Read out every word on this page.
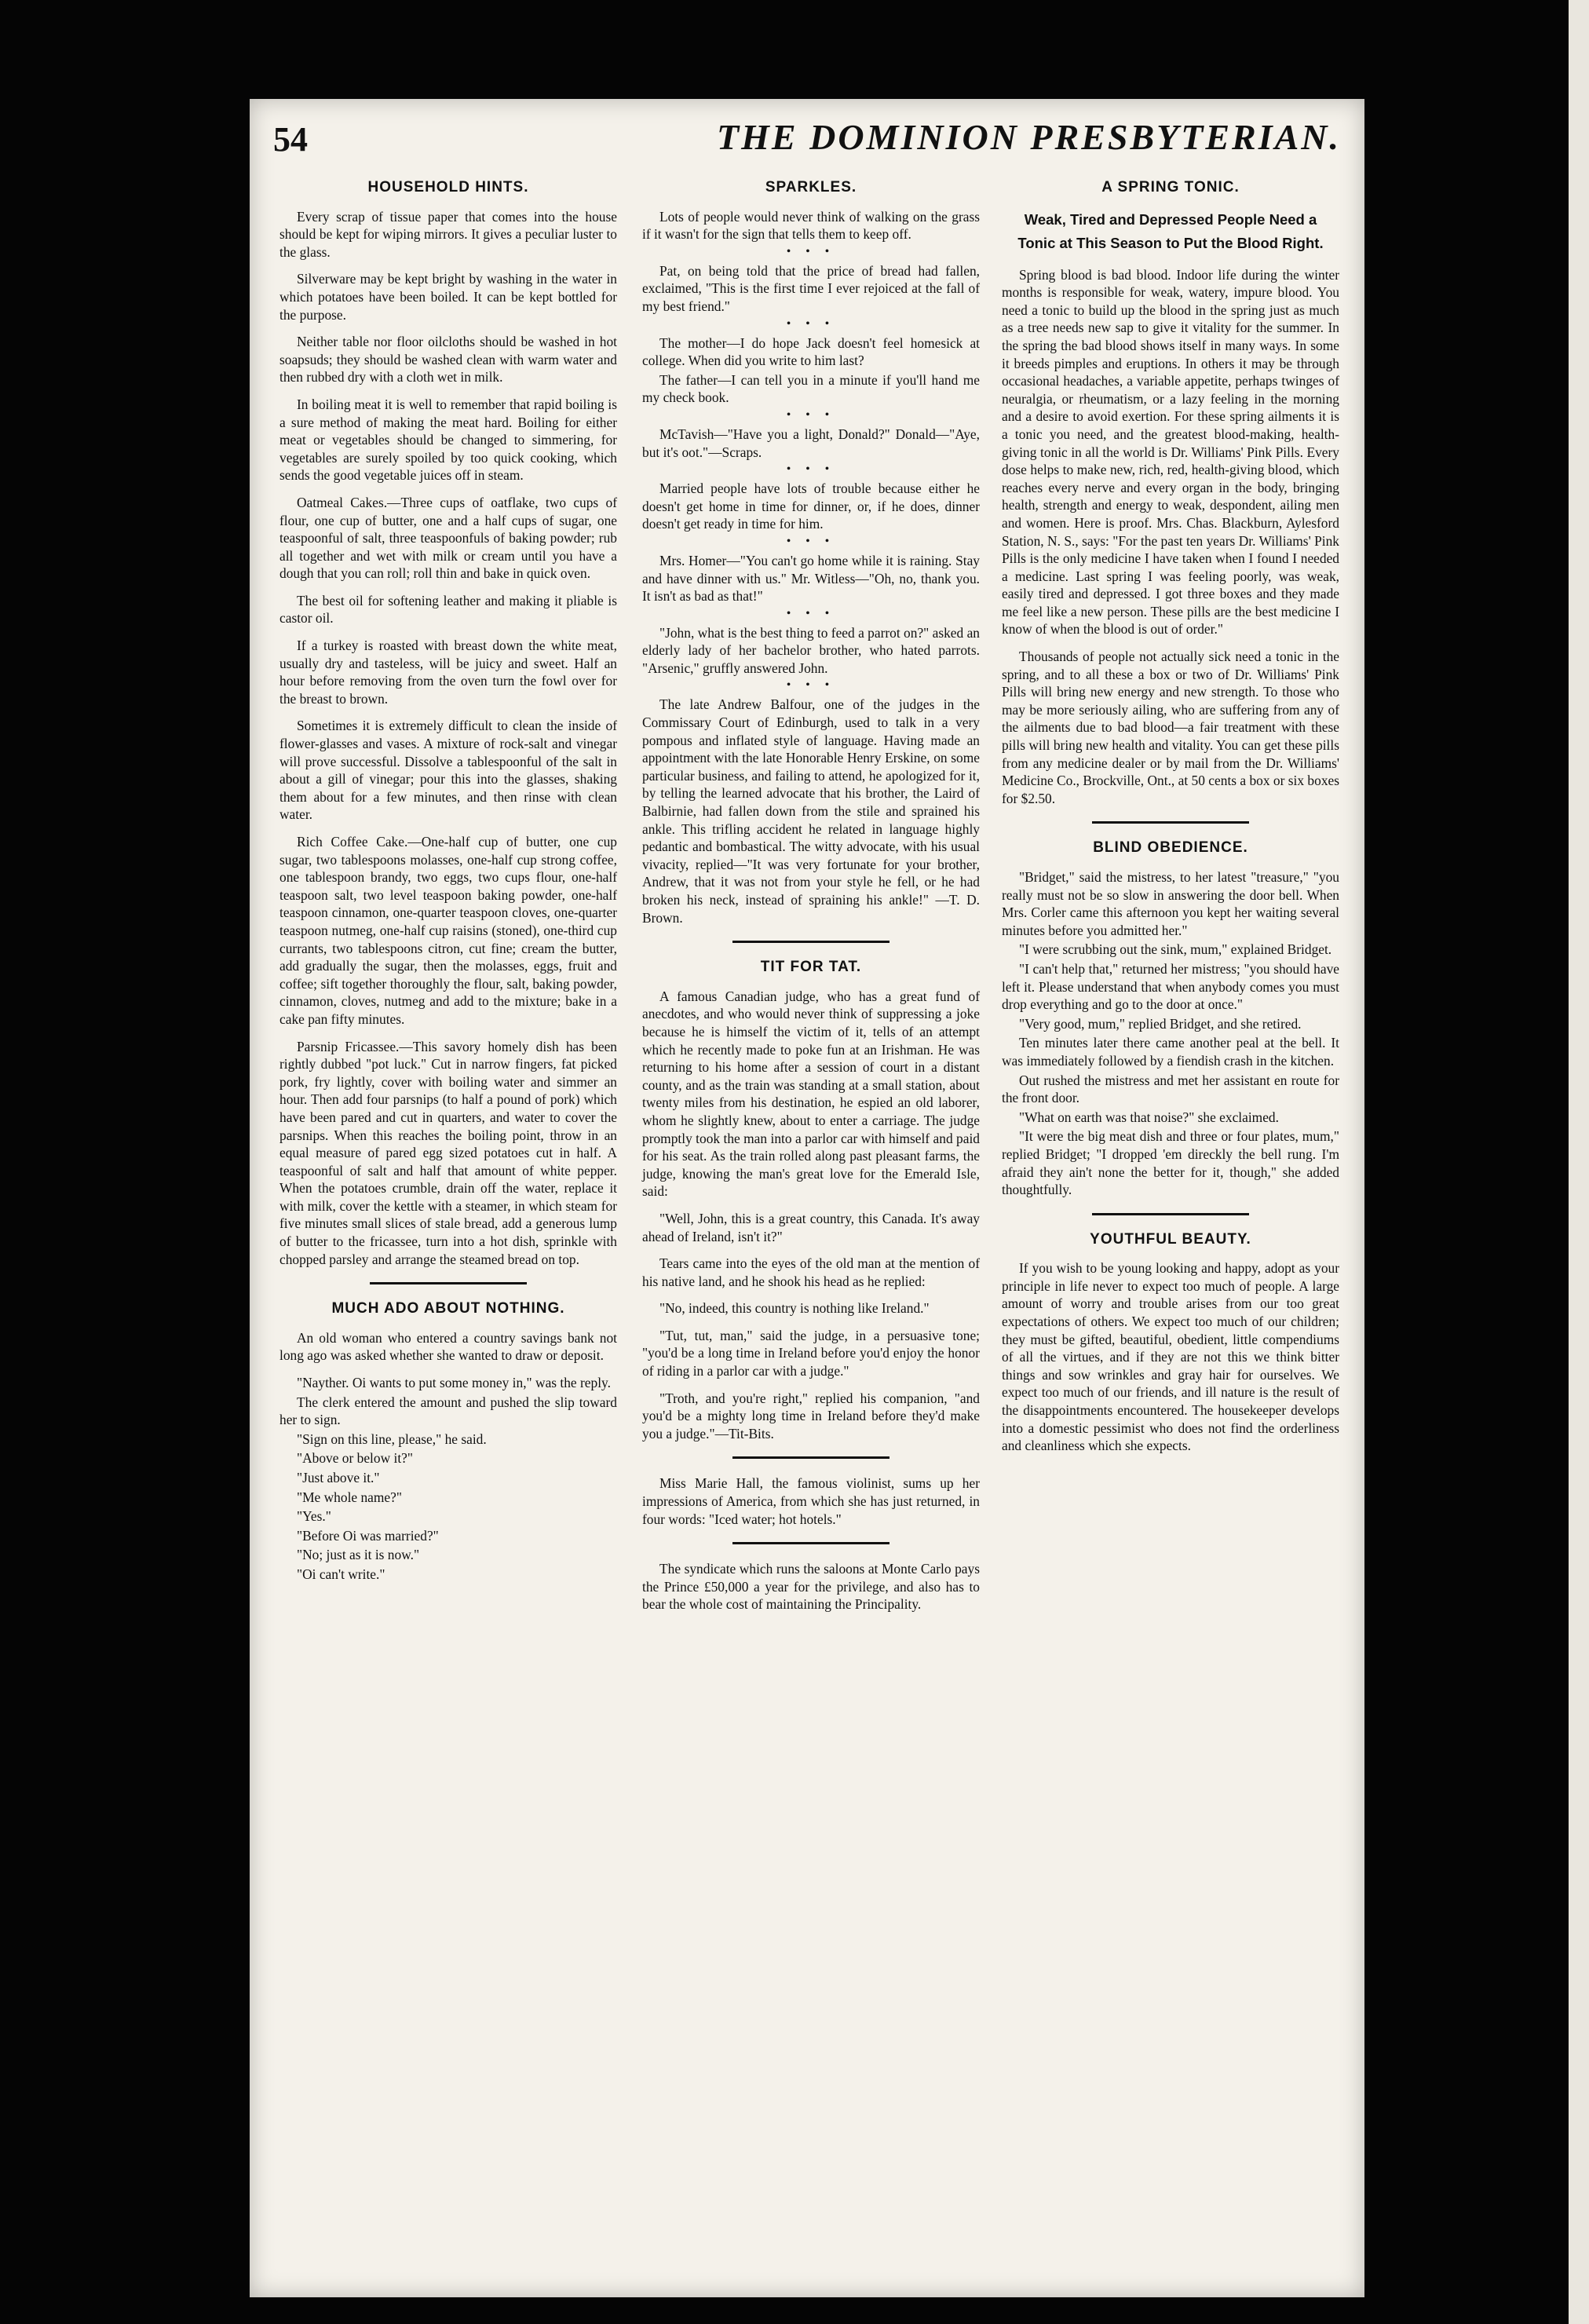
54	THE DOMINION PRESBYTERIAN.
HOUSEHOLD HINTS.

Every scrap of tissue paper that comes into the house should be kept for wiping mirrors. It gives a peculiar luster to the glass.

Silverware may be kept bright by washing in the water in which potatoes have been boiled. It can be kept bottled for the purpose.

Neither table nor floor oilcloths should be washed in hot soapsuds; they should be washed clean with warm water and then rubbed dry with a cloth wet in milk.

In boiling meat it is well to remember that rapid boiling is a sure method of making the meat hard. Boiling for either meat or vegetables should be changed to simmering, for vegetables are surely spoiled by too quick cooking, which sends the good vegetable juices off in steam.

Oatmeal Cakes.—Three cups of oatflake, two cups of flour, one cup of butter, one and a half cups of sugar, one teaspoonful of salt, three teaspoonfuls of baking powder; rub all together and wet with milk or cream until you have a dough that you can roll; roll thin and bake in quick oven.

The best oil for softening leather and making it pliable is castor oil.

If a turkey is roasted with breast down the white meat, usually dry and tasteless, will be juicy and sweet. Half an hour before removing from the oven turn the fowl over for the breast to brown.

Sometimes it is extremely difficult to clean the inside of flower-glasses and vases. A mixture of rock-salt and vinegar will prove successful. Dissolve a tablespoonful of the salt in about a gill of vinegar; pour this into the glasses, shaking them about for a few minutes, and then rinse with clean water.

Rich Coffee Cake.—One-half cup of butter, one cup sugar, two tablespoons molasses, one-half cup strong coffee, one tablespoon brandy, two eggs, two cups flour, one-half teaspoon salt, two level teaspoon baking powder, one-half teaspoon cinnamon, one-quarter teaspoon cloves, one-quarter teaspoon nutmeg, one-half cup raisins (stoned), one-third cup currants, two tablespoons citron, cut fine; cream the butter, add gradually the sugar, then the molasses, eggs, fruit and coffee; sift together thoroughly the flour, salt, baking powder, cinnamon, cloves, nutmeg and add to the mixture; bake in a cake pan fifty minutes.

Parsnip Fricassee.—This savory homely dish has been rightly dubbed "pot luck." Cut in narrow fingers, fat picked pork, fry lightly, cover with boiling water and simmer an hour. Then add four parsnips (to half a pound of pork) which have been pared and cut in quarters, and water to cover the parsnips. When this reaches the boiling point, throw in an equal measure of pared egg sized potatoes cut in half. A teaspoonful of salt and half that amount of white pepper. When the potatoes crumble, drain off the water, replace it with milk, cover the kettle with a steamer, in which steam for five minutes small slices of stale bread, add a generous lump of butter to the fricassee, turn into a hot dish, sprinkle with chopped parsley and arrange the steamed bread on top.

MUCH ADO ABOUT NOTHING.

An old woman who entered a country savings bank not long ago was asked whether she wanted to draw or deposit.

"Nayther. Oi wants to put some money in," was the reply.

The clerk entered the amount and pushed the slip toward her to sign.

"Sign on this line, please," he said.

"Above or below it?"

"Just above it."

"Me whole name?"

"Yes."

"Before Oi was married?"

"No; just as it is now."

"Oi can't write."

SPARKLES.

Lots of people would never think of walking on the grass if it wasn't for the sign that tells them to keep off.

• • •

Pat, on being told that the price of bread had fallen, exclaimed, "This is the first time I ever rejoiced at the fall of my best friend."

• • •

The mother—I do hope Jack doesn't feel homesick at college. When did you write to him last?

The father—I can tell you in a minute if you'll hand me my check book.

• • •

McTavish—"Have you a light, Donald?" Donald—"Aye, but it's oot."—Scraps.

• • •

Married people have lots of trouble because either he doesn't get home in time for dinner, or, if he does, dinner doesn't get ready in time for him.

• • •

Mrs. Homer—"You can't go home while it is raining. Stay and have dinner with us." Mr. Witless—"Oh, no, thank you. It isn't as bad as that!"

• • •

"John, what is the best thing to feed a parrot on?" asked an elderly lady of her bachelor brother, who hated parrots. "Arsenic," gruffly answered John.

• • •

The late Andrew Balfour, one of the judges in the Commissary Court of Edinburgh, used to talk in a very pompous and inflated style of language. Having made an appointment with the late Honorable Henry Erskine, on some particular business, and failing to attend, he apologized for it, by telling the learned advocate that his brother, the Laird of Balbirnie, had fallen down from the stile and sprained his ankle. This trifling accident he related in language highly pedantic and bombastical. The witty advocate, with his usual vivacity, replied—"It was very fortunate for your brother, Andrew, that it was not from your style he fell, or he had broken his neck, instead of spraining his ankle!" —T. D. Brown.

TIT FOR TAT.

A famous Canadian judge, who has a great fund of anecdotes, and who would never think of suppressing a joke because he is himself the victim of it, tells of an attempt which he recently made to poke fun at an Irishman. He was returning to his home after a session of court in a distant county, and as the train was standing at a small station, about twenty miles from his destination, he espied an old laborer, whom he slightly knew, about to enter a carriage. The judge promptly took the man into a parlor car with himself and paid for his seat. As the train rolled along past pleasant farms, the judge, knowing the man's great love for the Emerald Isle, said:

"Well, John, this is a great country, this Canada. It's away ahead of Ireland, isn't it?"

Tears came into the eyes of the old man at the mention of his native land, and he shook his head as he replied:

"No, indeed, this country is nothing like Ireland."

"Tut, tut, man," said the judge, in a persuasive tone; "you'd be a long time in Ireland before you'd enjoy the honor of riding in a parlor car with a judge."

"Troth, and you're right," replied his companion, "and you'd be a mighty long time in Ireland before they'd make you a judge."—Tit-Bits.

Miss Marie Hall, the famous violinist, sums up her impressions of America, from which she has just returned, in four words: "Iced water; hot hotels."

The syndicate which runs the saloons at Monte Carlo pays the Prince £50,000 a year for the privilege, and also has to bear the whole cost of maintaining the Principality.

A SPRING TONIC.
Weak, Tired and Depressed People Need a Tonic at This Season to Put the Blood Right.

Spring blood is bad blood. Indoor life during the winter months is responsible for weak, watery, impure blood. You need a tonic to build up the blood in the spring just as much as a tree needs new sap to give it vitality for the summer. In the spring the bad blood shows itself in many ways. In some it breeds pimples and eruptions. In others it may be through occasional headaches, a variable appetite, perhaps twinges of neuralgia, or rheumatism, or a lazy feeling in the morning and a desire to avoid exertion. For these spring ailments it is a tonic you need, and the greatest blood-making, health-giving tonic in all the world is Dr. Williams' Pink Pills. Every dose helps to make new, rich, red, health-giving blood, which reaches every nerve and every organ in the body, bringing health, strength and energy to weak, despondent, ailing men and women. Here is proof. Mrs. Chas. Blackburn, Aylesford Station, N. S., says: "For the past ten years Dr. Williams' Pink Pills is the only medicine I have taken when I found I needed a medicine. Last spring I was feeling poorly, was weak, easily tired and depressed. I got three boxes and they made me feel like a new person. These pills are the best medicine I know of when the blood is out of order."

Thousands of people not actually sick need a tonic in the spring, and to all these a box or two of Dr. Williams' Pink Pills will bring new energy and new strength. To those who may be more seriously ailing, who are suffering from any of the ailments due to bad blood—a fair treatment with these pills will bring new health and vitality. You can get these pills from any medicine dealer or by mail from the Dr. Williams' Medicine Co., Brockville, Ont., at 50 cents a box or six boxes for $2.50.

BLIND OBEDIENCE.

"Bridget," said the mistress, to her latest "treasure," "you really must not be so slow in answering the door bell. When Mrs. Corler came this afternoon you kept her waiting several minutes before you admitted her."

"I were scrubbing out the sink, mum," explained Bridget.

"I can't help that," returned her mistress; "you should have left it. Please understand that when anybody comes you must drop everything and go to the door at once."

"Very good, mum," replied Bridget, and she retired.

Ten minutes later there came another peal at the bell. It was immediately followed by a fiendish crash in the kitchen.

Out rushed the mistress and met her assistant en route for the front door.

"What on earth was that noise?" she exclaimed.

"It were the big meat dish and three or four plates, mum," replied Bridget; "I dropped 'em direckly the bell rung. I'm afraid they ain't none the better for it, though," she added thoughtfully.

YOUTHFUL BEAUTY.

If you wish to be young looking and happy, adopt as your principle in life never to expect too much of people. A large amount of worry and trouble arises from our too great expectations of others. We expect too much of our children; they must be gifted, beautiful, obedient, little compendiums of all the virtues, and if they are not this we think bitter things and sow wrinkles and gray hair for ourselves. We expect too much of our friends, and ill nature is the result of the disappointments encountered. The housekeeper develops into a domestic pessimist who does not find the orderliness and cleanliness which she expects.
